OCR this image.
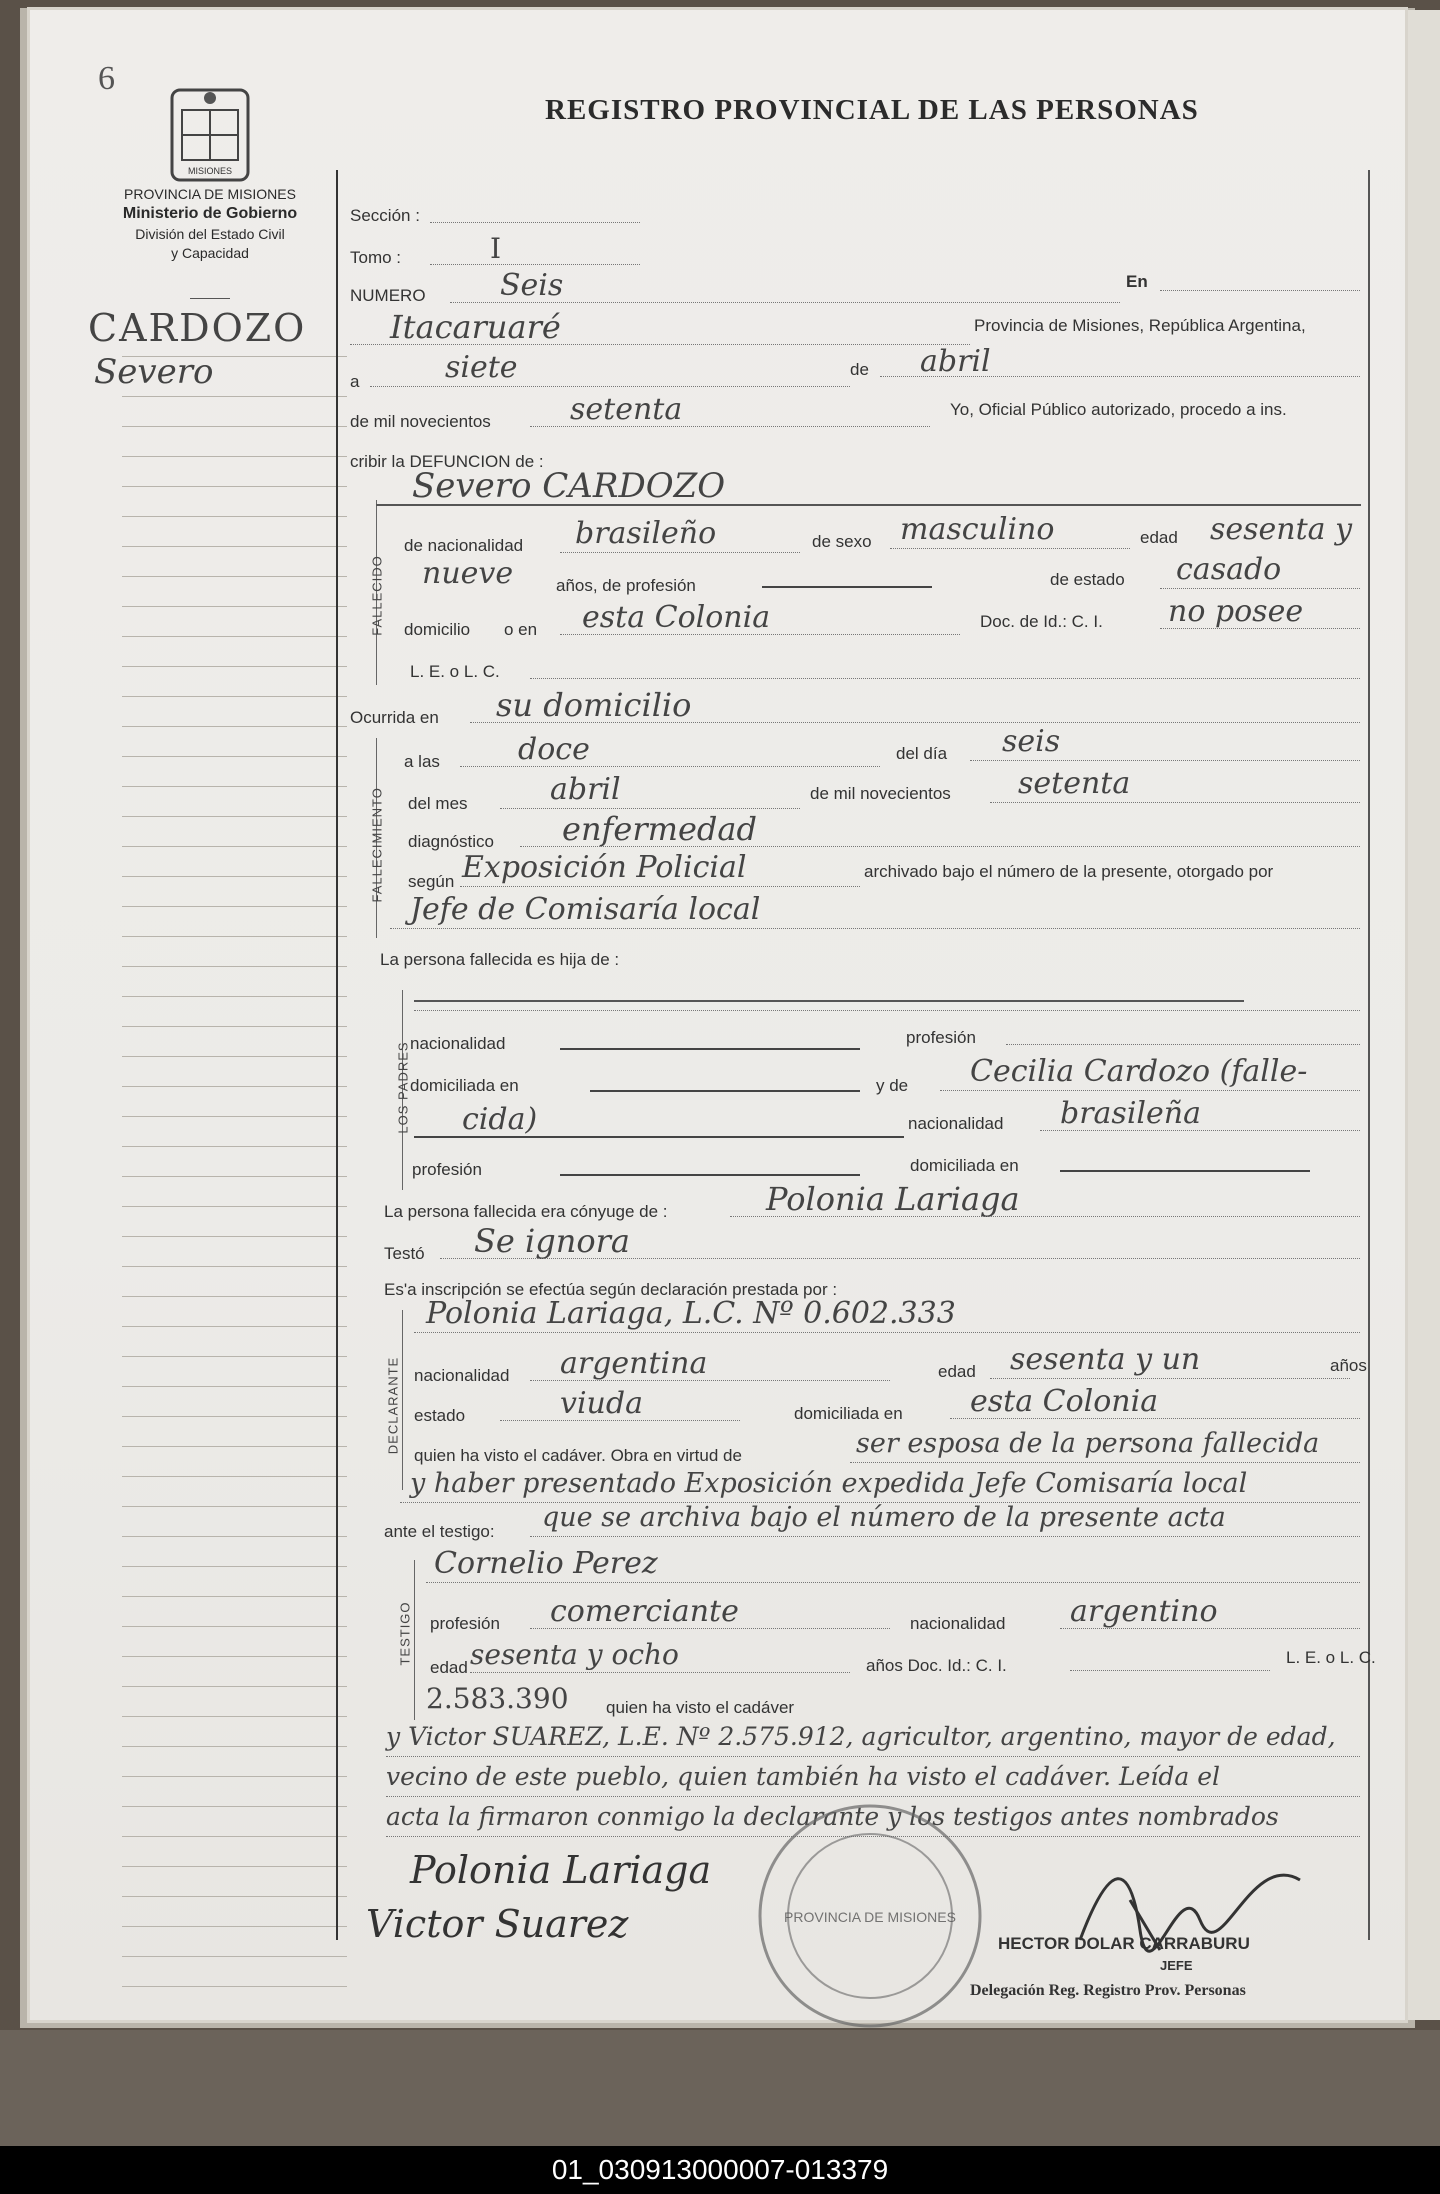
6
MISIONES
PROVINCIA DE MISIONES
Ministerio de Gobierno
División del Estado Civil
y Capacidad
CARDOZO
Severo
REGISTRO PROVINCIAL DE LAS PERSONAS
Sección :
Tomo :	I
NUMERO Seis	En
Itacaruaré	Provincia de Misiones, República Argentina,
a	siete	de abril
de mil novecientos	setenta	Yo, Oficial Público autorizado, procedo a ins.
cribir la DEFUNCION de :
FALLECIDO
Severo CARDOZO
de nacionalidad brasileño	de sexo masculino	edad sesenta y
nueve	años, de profesión	de estado casado
domicilio o en esta Colonia	Doc. de Id.: C. I. no posee
L. E. o L. C.
Ocurrida en su domicilio
FALLECIMIENTO
a las	doce	del día seis
del mes	abril	de mil novecientos setenta
diagnóstico enfermedad
según Exposición Policial	archivado bajo el número de la presente, otorgado por
Jefe de Comisaría local
La persona fallecida es hija de :
LOS PADRES nacionalidad	profesión
domiciliada en	y de Cecilia Cardozo (falle-
cida)	nacionalidad brasileña
profesión	domiciliada en
La persona fallecida era cónyuge de :	Polonia Lariaga
Testó Se ignora
Es'a inscripción se efectúa según declaración prestada por :
DECLARANTE
Polonia Lariaga, L.C. Nº 0.602.333
nacionalidad argentina	edad sesenta y un	años
estado	viuda	domiciliada en esta Colonia
quien ha visto el cadáver. Obra en virtud de	ser esposa de la persona fallecida
y haber presentado Exposición expedida Jefe Comisaría local
ante el testigo: que se archiva bajo el número de la presente acta
TESTIGO
Cornelio Perez
profesión comerciante	nacionalidad argentino
edad sesenta y ocho	años Doc. Id.: C. I.	L. E. o L. C.
2.583.390 quien ha visto el cadáver
y Victor SUAREZ, L.E. Nº 2.575.912, agricultor, argentino, mayor de edad,
vecino de este pueblo, quien también ha visto el cadáver. Leída el
acta la firmaron conmigo la declarante y los testigos antes nombrados
Polonia Lariaga
Victor Suarez	PROVINCIA DE MISIONES
HECTOR DOLAR CARRABURU
JEFE
Delegación Reg. Registro Prov. Personas
01_030913000007-013379
